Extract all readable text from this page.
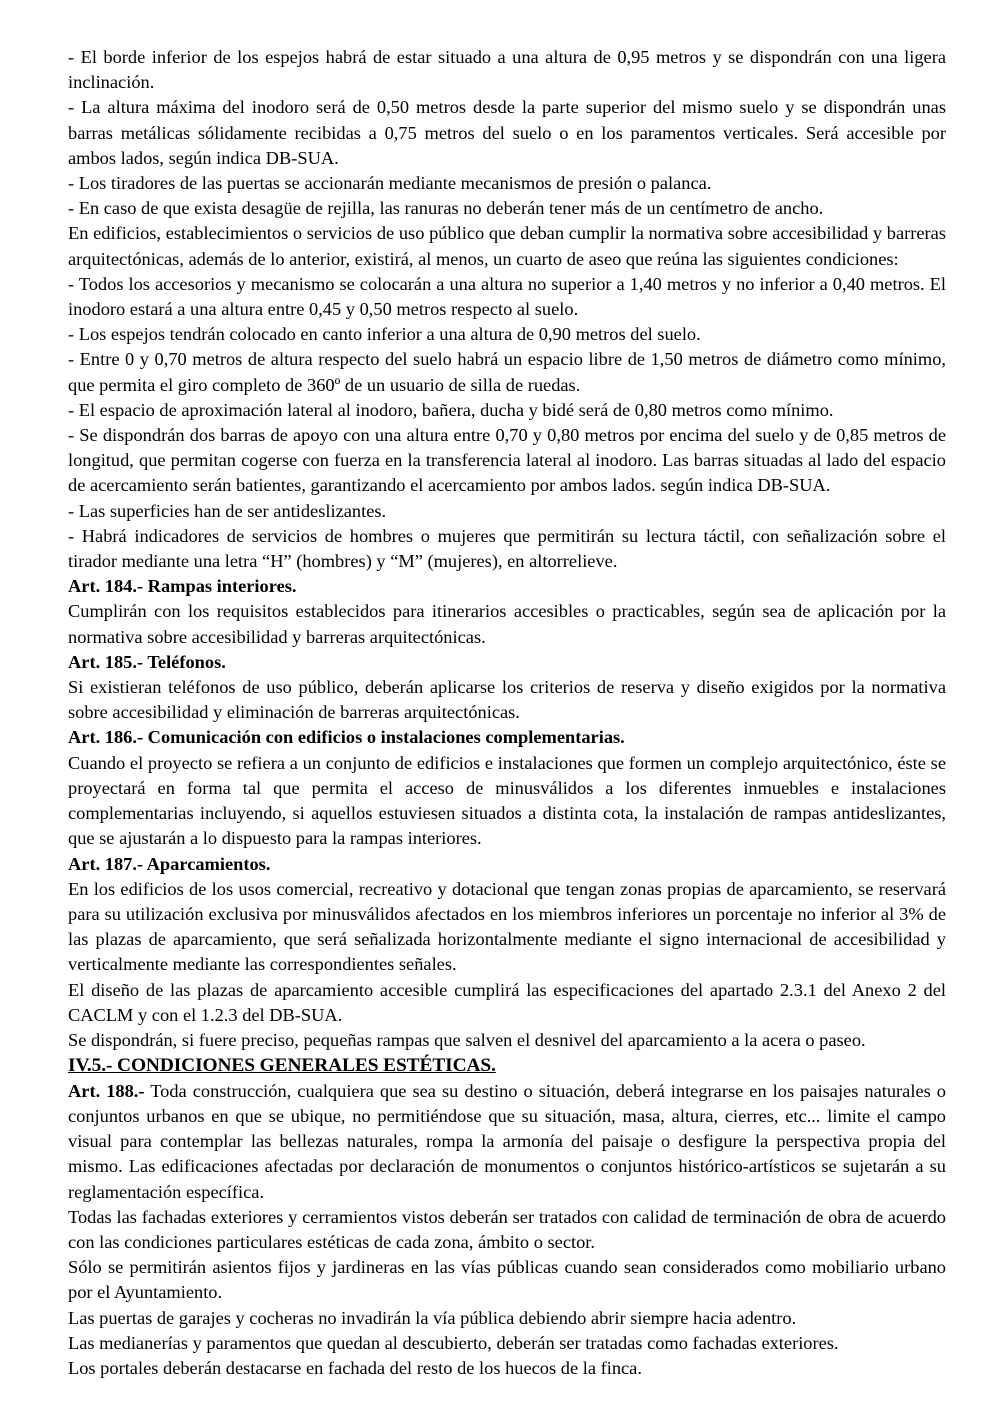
- El borde inferior de los espejos habrá de estar situado a una altura de 0,95 metros y se dispondrán con una ligera inclinación.

- La altura máxima del inodoro será de 0,50 metros desde la parte superior del mismo suelo y se dispondrán unas barras metálicas sólidamente recibidas a 0,75 metros del suelo o en los paramentos verticales. Será accesible por ambos lados, según indica DB-SUA.

- Los tiradores de las puertas se accionarán mediante mecanismos de presión o palanca.

- En caso de que exista desagüe de rejilla, las ranuras no deberán tener más de un centímetro de ancho.

En edificios, establecimientos o servicios de uso público que deban cumplir la normativa sobre accesibilidad y barreras arquitectónicas, además de lo anterior, existirá, al menos, un cuarto de aseo que reúna las siguientes condiciones:

- Todos los accesorios y mecanismo se colocarán a una altura no superior a 1,40 metros y no inferior a 0,40 metros. El inodoro estará a una altura entre 0,45 y 0,50 metros respecto al suelo.

- Los espejos tendrán colocado en canto inferior a una altura de 0,90 metros del suelo.

- Entre 0 y 0,70 metros de altura respecto del suelo habrá un espacio libre de 1,50 metros de diámetro como mínimo, que permita el giro completo de 360º de un usuario de silla de ruedas.

- El espacio de aproximación lateral al inodoro, bañera, ducha y bidé será de 0,80 metros como mínimo.

- Se dispondrán dos barras de apoyo con una altura entre 0,70 y 0,80 metros por encima del suelo y de 0,85 metros de longitud, que permitan cogerse con fuerza en la transferencia lateral al inodoro. Las barras situadas al lado del espacio de acercamiento serán batientes, garantizando el acercamiento por ambos lados. según indica DB-SUA.

- Las superficies han de ser antideslizantes.

- Habrá indicadores de servicios de hombres o mujeres que permitirán su lectura táctil, con señalización sobre el tirador mediante una letra “H” (hombres) y “M” (mujeres), en altorrelieve.

Art. 184.- Rampas interiores.

Cumplirán con los requisitos establecidos para itinerarios accesibles o practicables, según sea de aplicación por la normativa sobre accesibilidad y barreras arquitectónicas.

Art. 185.- Teléfonos.

Si existieran teléfonos de uso público, deberán aplicarse los criterios de reserva y diseño exigidos por la normativa sobre accesibilidad y eliminación de barreras arquitectónicas.

Art. 186.- Comunicación con edificios o instalaciones complementarias.

Cuando el proyecto se refiera a un conjunto de edificios e instalaciones que formen un complejo arquitectónico, éste se proyectará en forma tal que permita el acceso de minusválidos a los diferentes inmuebles e instalaciones complementarias incluyendo, si aquellos estuviesen situados a distinta cota, la instalación de rampas antideslizantes, que se ajustarán a lo dispuesto para la rampas interiores.

Art. 187.- Aparcamientos.

En los edificios de los usos comercial, recreativo y dotacional que tengan zonas propias de aparcamiento, se reservará para su utilización exclusiva por minusválidos afectados en los miembros inferiores un porcentaje no inferior al 3% de las plazas de aparcamiento, que será señalizada horizontalmente mediante el signo internacional de accesibilidad y verticalmente mediante las correspondientes señales.

El diseño de las plazas de aparcamiento accesible cumplirá las especificaciones del apartado 2.3.1 del Anexo 2 del CACLM y con el 1.2.3 del DB-SUA.

Se dispondrán, si fuere preciso, pequeñas rampas que salven el desnivel del aparcamiento a la acera o paseo.

IV.5.- CONDICIONES GENERALES ESTÉTICAS.

Art. 188.- Toda construcción, cualquiera que sea su destino o situación, deberá integrarse en los paisajes naturales o conjuntos urbanos en que se ubique, no permitiéndose que su situación, masa, altura, cierres, etc... limite el campo visual para contemplar las bellezas naturales, rompa la armonía del paisaje o desfigure la perspectiva propia del mismo. Las edificaciones afectadas por declaración de monumentos o conjuntos histórico-artísticos se sujetarán a su reglamentación específica.

Todas las fachadas exteriores y cerramientos vistos deberán ser tratados con calidad de terminación de obra de acuerdo con las condiciones particulares estéticas de cada zona, ámbito o sector.

Sólo se permitirán asientos fijos y jardineras en las vías públicas cuando sean considerados como mobiliario urbano por el Ayuntamiento.

Las puertas de garajes y cocheras no invadirán la vía pública debiendo abrir siempre hacia adentro.

Las medianerías y paramentos que quedan al descubierto, deberán ser tratadas como fachadas exteriores.

Los portales deberán destacarse en fachada del resto de los huecos de la finca.
